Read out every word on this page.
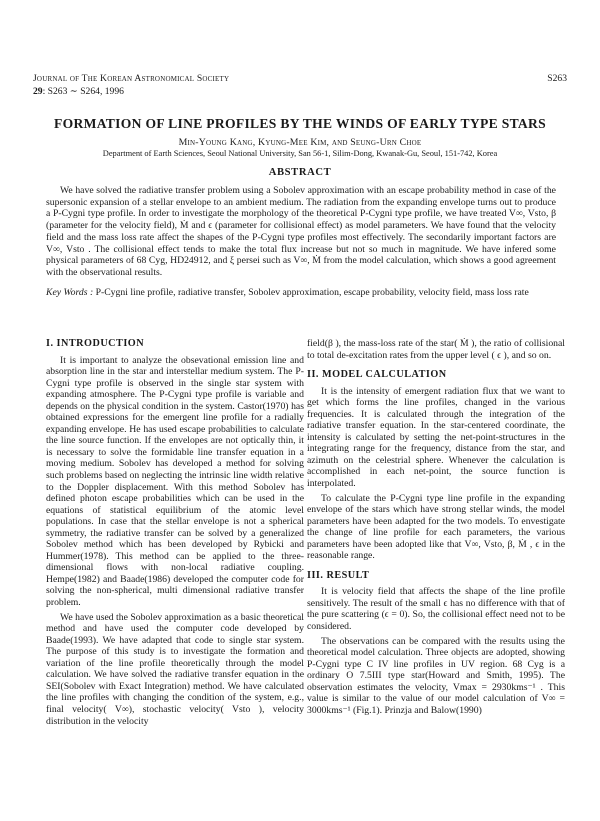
Journal of The Korean Astronomical Society
29: S263 ∼ S264, 1996
S263
FORMATION OF LINE PROFILES BY THE WINDS OF EARLY TYPE STARS
Min-Young Kang, Kyung-Mee Kim, and Seung-Urn Choe
Department of Earth Sciences, Seoul National University, San 56-1, Silim-Dong, Kwanak-Gu, Seoul, 151-742, Korea
ABSTRACT

We have solved the radiative transfer problem using a Sobolev approximation with an escape probability method in case of the supersonic expansion of a stellar envelope to an ambient medium. The radiation from the expanding envelope turns out to produce a P-Cygni type profile. In order to investigate the morphology of the theoretical P-Cygni type profile, we have treated V∞, Vsto, β (parameter for the velocity field), Ṁ and ϵ (parameter for collisional effect) as model parameters. We have found that the velocity field and the mass loss rate affect the shapes of the P-Cygni type profiles most effectively. The secondarily important factors are V∞, Vsto . The collisional effect tends to make the total flux increase but not so much in magnitude. We have infered some physical parameters of 68 Cyg, HD24912, and ξ persei such as V∞, Ṁ from the model calculation, which shows a good agreement with the observational results.

Key Words : P-Cygni line profile, radiative transfer, Sobolev approximation, escape probability, velocity field, mass loss rate

I. INTRODUCTION

It is important to analyze the obsevational emission line and absorption line in the star and interstellar medium system. The P-Cygni type profile is observed in the single star system with expanding atmosphere. The P-Cygni type profile is variable and depends on the physical condition in the system. Castor(1970) has obtained expressions for the emergent line profile for a radially expanding envelope. He has used escape probabilities to calculate the line source function. If the envelopes are not optically thin, it is necessary to solve the formidable line transfer equation in a moving medium. Sobolev has developed a method for solving such problems based on neglecting the intrinsic line width relative to the Doppler displacement. With this method Sobolev has defined photon escape probabilities which can be used in the equations of statistical equilibrium of the atomic level populations. In case that the stellar envelope is not a spherical symmetry, the radiative transfer can be solved by a generalized Sobolev method which has been developed by Rybicki and Hummer(1978). This method can be applied to the three-dimensional flows with non-local radiative coupling. Hempe(1982) and Baade(1986) developed the computer code for solving the non-spherical, multi dimensional radiative transfer problem.

We have used the Sobolev approximation as a basic theoretical method and have used the computer code developed by Baade(1993). We have adapted that code to single star system. The purpose of this study is to investigate the formation and variation of the line profile theoretically through the model calculation. We have solved the radiative transfer equation in the SEI(Sobolev with Exact Integration) method. We have calculated the line profiles with changing the condition of the system, e.g., final velocity( V∞), stochastic velocity( Vsto ), velocity distribution in the velocity

field(β ), the mass-loss rate of the star( Ṁ ), the ratio of collisional to total de-excitation rates from the upper level ( ϵ ), and so on.

II. MODEL CALCULATION

It is the intensity of emergent radiation flux that we want to get which forms the line profiles, changed in the various frequencies. It is calculated through the integration of the radiative transfer equation. In the star-centered coordinate, the intensity is calculated by setting the net-point-structures in the integrating range for the frequency, distance from the star, and azimuth on the celestrial sphere. Whenever the calculation is accomplished in each net-point, the source function is interpolated.

To calculate the P-Cygni type line profile in the expanding envelope of the stars which have strong stellar winds, the model parameters have been adapted for the two models. To envestigate the change of line profile for each parameters, the various parameters have been adopted like that V∞, Vsto, β, Ṁ , ϵ in the reasonable range.

III. RESULT

It is velocity field that affects the shape of the line profile sensitively. The result of the small ϵ has no difference with that of the pure scattering (ϵ = 0). So, the collisional effect need not to be considered.

The observations can be compared with the results using the theoretical model calculation. Three objects are adopted, showing P-Cygni type C IV line profiles in UV region. 68 Cyg is a ordinary O 7.5III type star(Howard and Smith, 1995). The observation estimates the velocity, Vmax = 2930kms⁻¹ . This value is similar to the value of our model calculation of V∞ = 3000kms⁻¹ (Fig.1). Prinzja and Balow(1990)
